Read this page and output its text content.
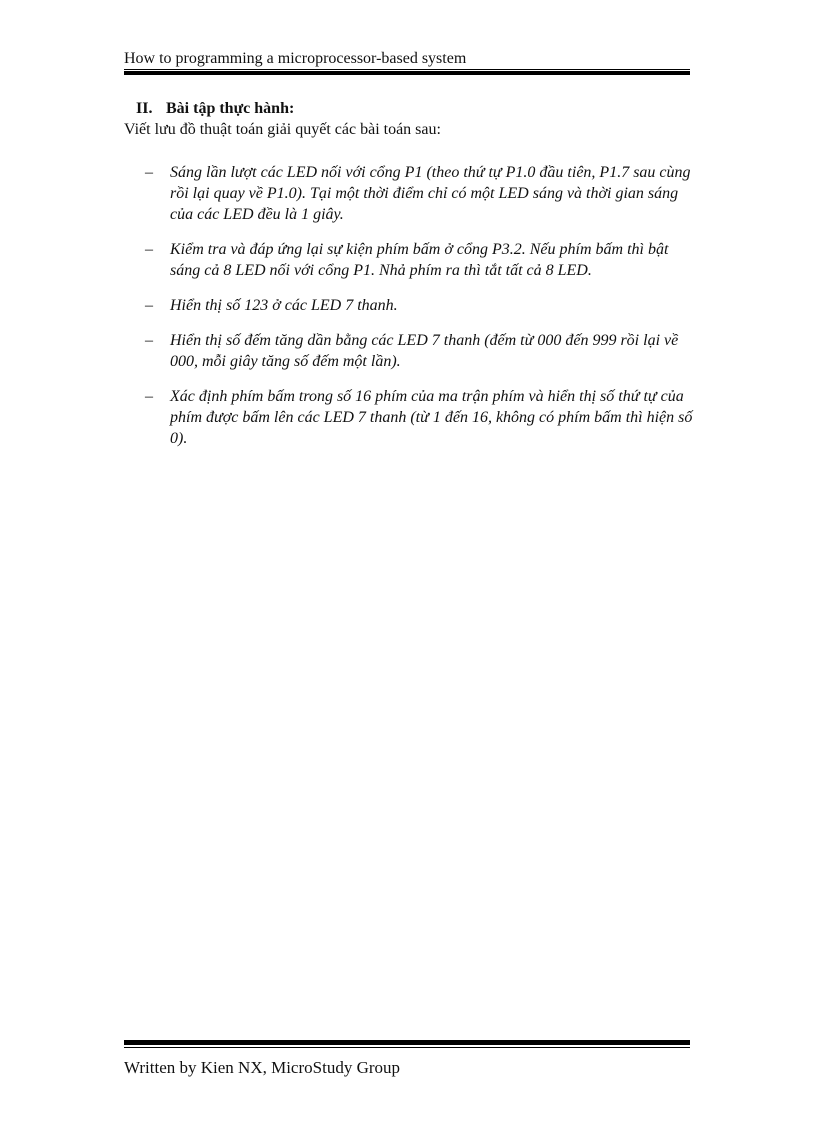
How to programming a microprocessor-based system
II. Bài tập thực hành:
Viết lưu đồ thuật toán giải quyết các bài toán sau:
– Sáng lần lượt các LED nối với cổng P1 (theo thứ tự P1.0 đầu tiên, P1.7 sau cùng rồi lại quay về P1.0). Tại một thời điểm chỉ có một LED sáng và thời gian sáng của các LED đều là 1 giây.
– Kiểm tra và đáp ứng lại sự kiện phím bấm ở cổng P3.2. Nếu phím bấm thì bật sáng cả 8 LED nối với cổng P1. Nhả phím ra thì tắt tất cả 8 LED.
– Hiển thị số 123 ở các LED 7 thanh.
– Hiển thị số đếm tăng dần bằng các LED 7 thanh (đếm từ 000 đến 999 rồi lại về 000, mỗi giây tăng số đếm một lần).
– Xác định phím bấm trong số 16 phím của ma trận phím và hiển thị số thứ tự của phím được bấm lên các LED 7 thanh (từ 1 đến 16, không có phím bấm thì hiện số 0).
Written by Kien NX, MicroStudy Group
